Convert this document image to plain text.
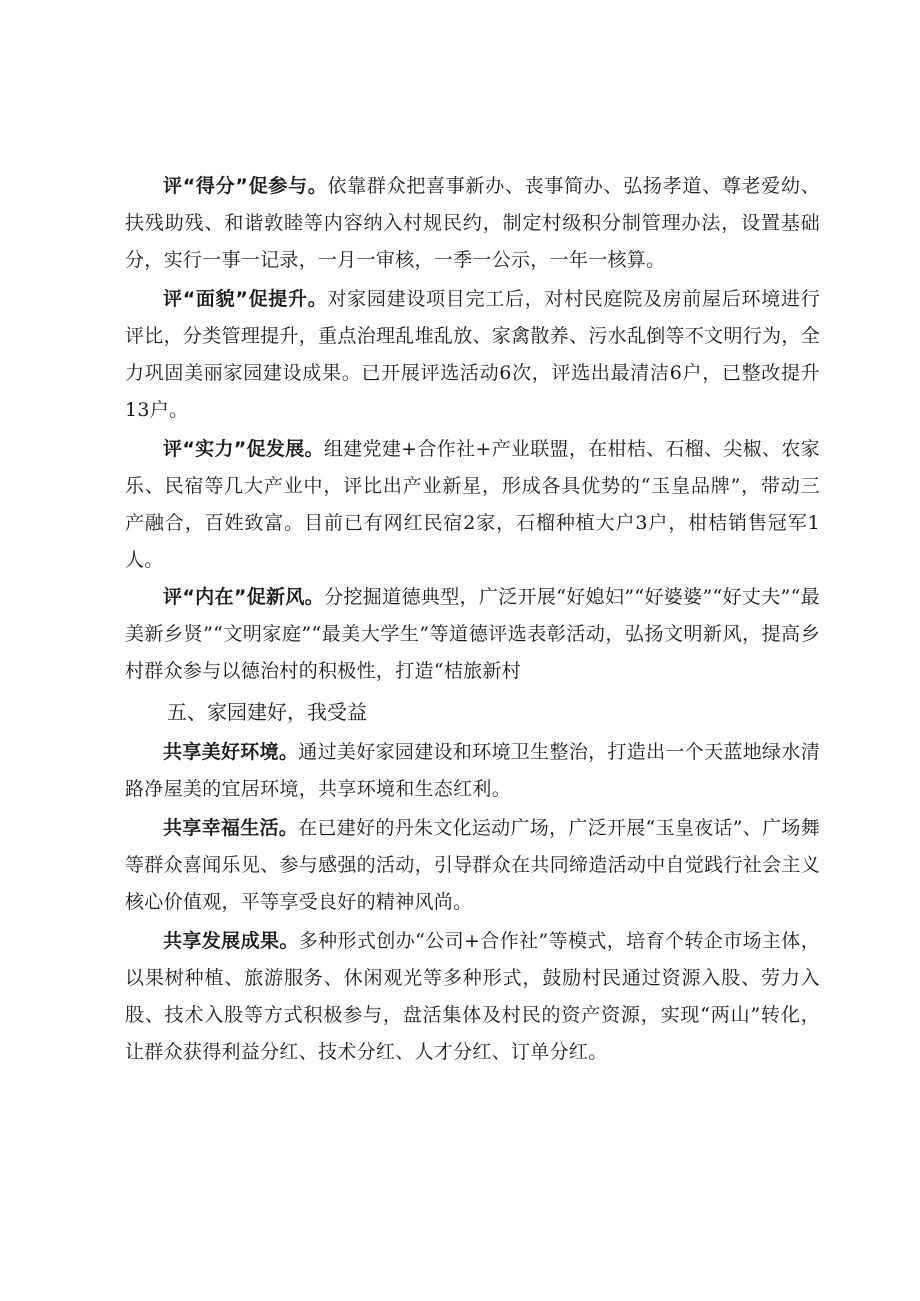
评“得分”促参与。依靠群众把喜事新办、丧事简办、弘扬孝道、尊老爱幼、扶残助残、和谐敦睦等内容纳入村规民约，制定村级积分制管理办法，设置基础分，实行一事一记录，一月一审核，一季一公示，一年一核算。

评“面貌”促提升。对家园建设项目完工后，对村民庭院及房前屋后环境进行评比，分类管理提升，重点治理乱堆乱放、家禽散养、污水乱倒等不文明行为，全力巩固美丽家园建设成果。已开展评选活动6次，评选出最清洁6户，已整改提升13户。

评“实力”促发展。组建党建+合作社+产业联盟，在柑桔、石榴、尖椒、农家乐、民宿等几大产业中，评比出产业新星，形成各具优势的“玉皇品牌”，带动三产融合，百姓致富。目前已有网红民宿2家，石榴种植大户3户，柑桔销售冠军1人。

评“内在”促新风。分挖掘道德典型，广泛开展“好媳妇”“好婆婆”“好丈夫”“最美新乡贤”“文明家庭”“最美大学生”等道德评选表彰活动，弘扬文明新风，提高乡村群众参与以德治村的积极性，打造“桔旅新村

五、家园建好，我受益

共享美好环境。通过美好家园建设和环境卫生整治，打造出一个天蓝地绿水清路净屋美的宜居环境，共享环境和生态红利。

共享幸福生活。在已建好的丹朱文化运动广场，广泛开展“玉皇夜话”、广场舞等群众喜闻乐见、参与感强的活动，引导群众在共同缔造活动中自觉践行社会主义核心价值观，平等享受良好的精神风尚。

共享发展成果。多种形式创办“公司+合作社”等模式，培育个转企市场主体，以果树种植、旅游服务、休闲观光等多种形式，鼓励村民通过资源入股、劳力入股、技术入股等方式积极参与，盘活集体及村民的资产资源，实现“两山”转化，让群众获得利益分红、技术分红、人才分红、订单分红。
